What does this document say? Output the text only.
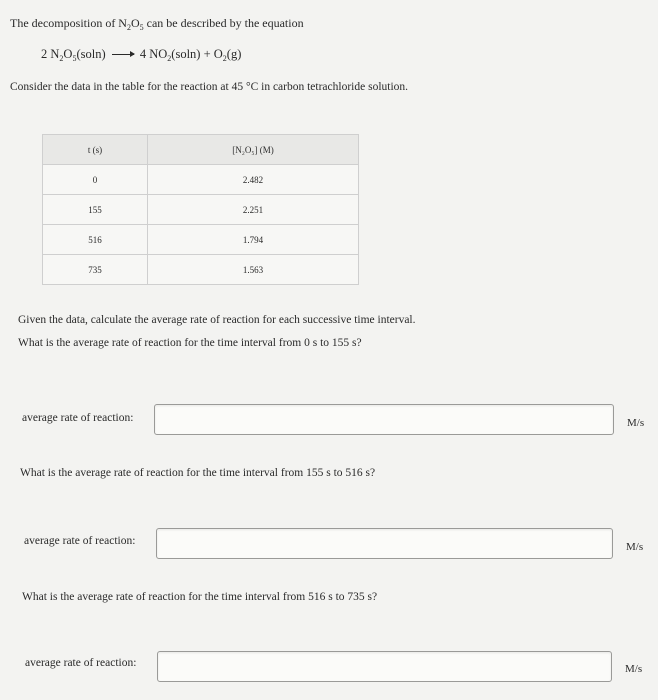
The decomposition of $N_2O_5$ can be described by the equation
2 $N_2O_5(soln) \to 4$ $NO_2(soln) + O_2(g)$
Consider the data in the table for the reaction at 45 °C in carbon tetrachloride solution.
t (s)	[N₂O₅] (M)
0	2.482
155	2.251
516	1.794
735	1.563
Given the data, calculate the average rate of reaction for each successive time interval.
What is the average rate of reaction for the time interval from 0 s to 155 s?
average rate of reaction:	M/s
What is the average rate of reaction for the time interval from 155 s to 516 s?
average rate of reaction:	M/s
What is the average rate of reaction for the time interval from 516 s to 735 s?
average rate of reaction:	M/s
